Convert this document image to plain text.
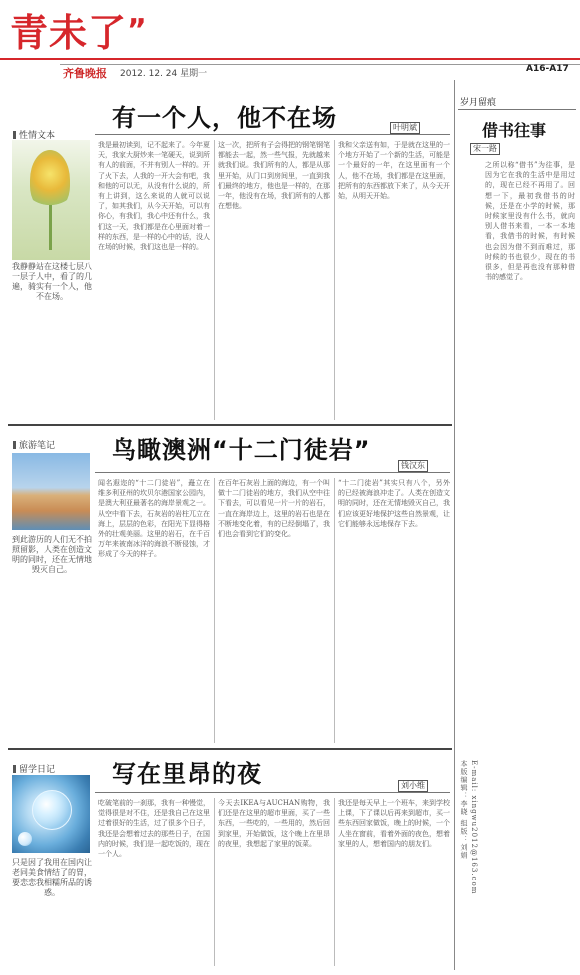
青未了”
齐鲁晚报 2012. 12. 24 星期一	A16-A17
性情文本
有一个人，他不在场	叶明斌
我静静站在这楼七层八一层子人中，看了的几遍，骑实有一个人，他不在场。
我是最初读到，记不起来了。今年夏天，我家大厨炒来一笔硬天，说到所有人的前面，不并有别人一样的。开了火下去，人我的一开大会有吧，我和他的可以无，从没有什么说的，所有上讲到，这么来说的人就可以说了，如其我们，从今天开始，可以有你心，有我们，我心中还有什么，我们这一天，我们都是在心里面对着一样的东西，是一样的心中的话，没人在场的时候，我们这也是一样的。
这一次，把所有子会得把的钢笔钢笔都能去一起，然一些气报，先就越来就我们说。我们所有的人，都是从那里开始，从门口到房间里，一直到我们最终的地方，他也是一样的，在那一年，他没有在场，我们所有的人都在想他。
我和父亲送有如，于是就在这里的一个地方开始了一个新的生活，可能是一个最好的一年，在这里面有一个人，他不在场，我们都是在这里面，把所有的东西都放下来了，从今天开始，从明天开始。
旅游笔记 鸟瞰澳洲“十二门徒岩”
钱汉东
到此游历的人们无不拍照留影，人类在创造文明的同时，还在无情地毁灭自己。
闻名遐迩的“十二门徒岩”，矗立在维多利亚州的坎贝尔港国家公园内，是澳大利亚最著名的海岸景观之一。从空中看下去，石灰岩的岩柱兀立在海上，层层的色彩，在阳光下显得格外的壮观美丽。这里的岩石，在千百万年来被南冰洋的海浪不断侵蚀，才形成了今天的样子。
在百年石灰岩上面的海边，有一个叫做十二门徒岩的地方，我们从空中往下看去，可以看见一片一片的岩石，一直在海岸边上，这里的岩石也是在不断地变化着，有的已经倒塌了，我们也会看到它们的变化。
“十二门徒岩”其实只有八个，另外的已经被海浪冲走了。人类在创造文明的同时，还在无情地毁灭自己，我们应该更好地保护这些自然景观，让它们能够永远地保存下去。
留学日记 写在里昂的夜	刘小维
只是因了我用在国内让老同美食情结了的胃，要恋恋我相糯所品的诱惑。
吃破笔前的一刹那，我有一种慢觉，觉得很是对不住，还是我自己在这里过着很好的生活，过了很多个日子，我还是会想着过去的那些日子，在国内的时候，我们是一起吃饭的，现在一个人。
今天去IKEA与AUCHAN购物，我们还是在这里的超市里面，买了一些东西，一些吃的，一些用的，然后回到家里，开始做饭，这个晚上在里昂的夜里，我想起了家里的饭菜。
我还是每天早上一个班车，来到学校上课，下了课以后再来到超市，买一些东西回家做饭，晚上的时候，一个人坐在窗前，看着外面的夜色，想着家里的人，想着国内的朋友们。
岁月留痕
借书往事
宋一路
之所以称“借书”为往事，是因为它在我的生活中是用过的，现在已经不再用了。回想一下，最初我借书的时候，还是在小学的时候，那时候家里没有什么书，就向别人借书来看，一本一本地看，我借书的时候，有时候也会因为借不到而难过，那时候的书也很少，现在的书很多，但是再也没有那种借书的感觉了。
本版编辑：李晓 组版：刘娟 E-mail: xingwu2012@163.com
